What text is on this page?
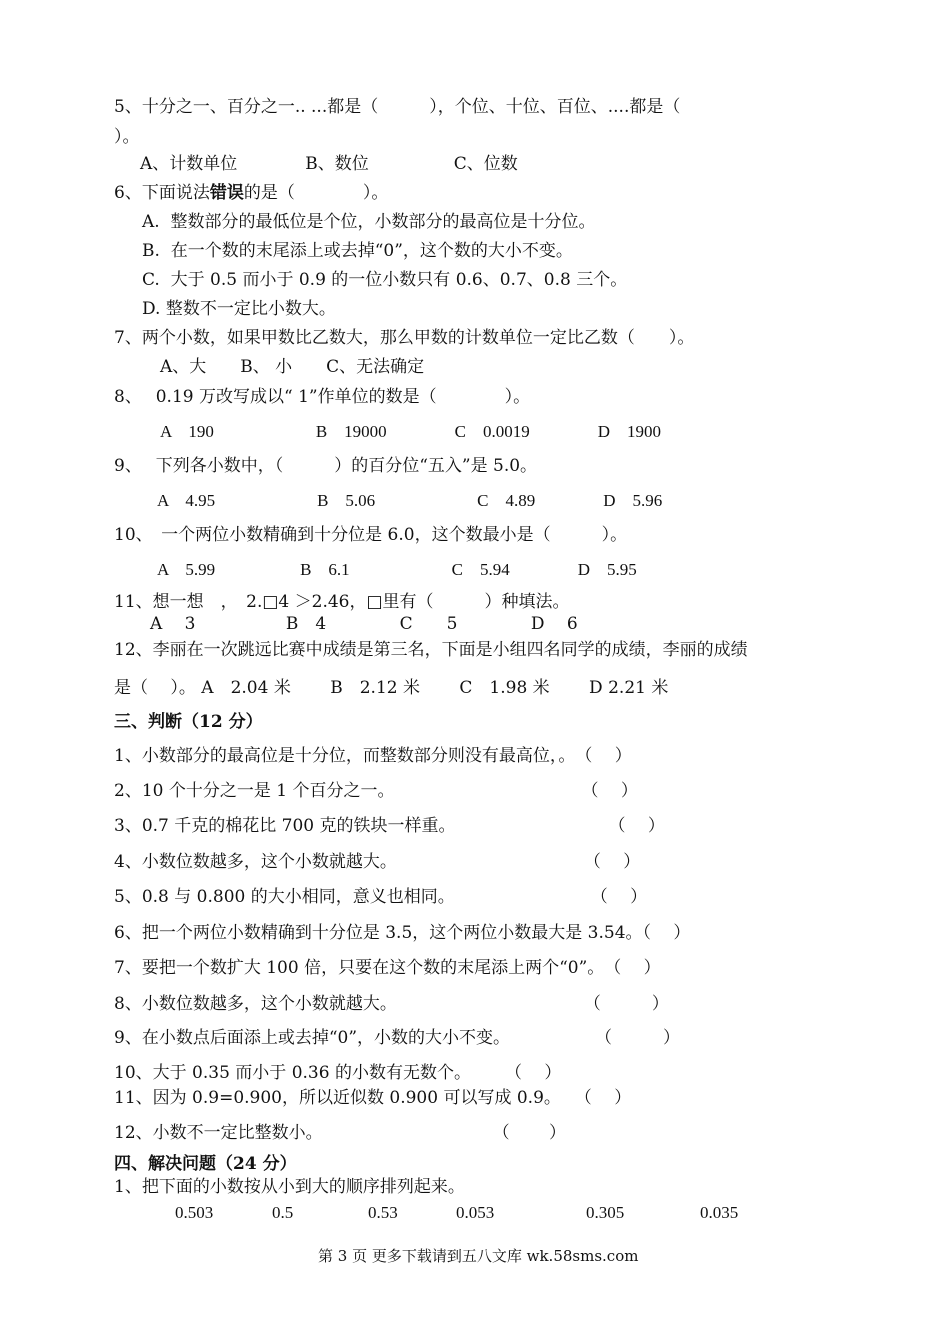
5、十分之一、百分之一.. ...都是（　　　），个位、十位、百位、....都是（
）。
A、计数单位　　　　B、数位　　　　　C、位数
6、下面说法错误的是（　　　　）。
A.  整数部分的最低位是个位，小数部分的最高位是十分位。
B.  在一个数的末尾添上或去掉“0”，这个数的大小不变。
C.  大于 0.5 而小于 0.9 的一位小数只有 0.6、0.7、0.8 三个。
D. 整数不一定比小数大。
7、两个小数，如果甲数比乙数大，那么甲数的计数单位一定比乙数（　　）。
A、大　　B、 小　　C、无法确定
8、　 0.19 万改写成以“ 1”作单位的数是（　　　　）。
A　190　　　　　　B　19000　　　　C　0.0019　　　　D　1900
9、　 下列各小数中，（　　　）的百分位“五入”是 5.0。
A　4.95　　　　　　B　5.06　　　　　　C　4.89　　　　D　5.96
10、　一个两位小数精确到十分位是 6.0，这个数最小是（　　　）。
A　5.99　　　　　B　6.1　　　　　　C　5.94　　　　D　5.95
11、想一想　，　2.□4 ＞2.46，□里有（　　　）种填法。
A　 3　　　　　 B　4　　　　 C　　5　　　　 D　 6
12、李丽在一次跳远比赛中成绩是第三名，下面是小组四名同学的成绩，李丽的成绩
是（　 ）。 A　2.04 米　　 B　2.12 米　　 C　1.98 米　　 D 2.21 米
三、判断（12 分）
1、小数部分的最高位是十分位，而整数部分则没有最高位，。　（　 ）
2、10 个十分之一是 1 个百分之一。　　　　　　　　　　　　（　 ）
3、0.7 千克的棉花比 700 克的铁块一样重。　　　　　　　　　　（　 ）
4、小数位数越多，这个小数就越大。　　　　　　　　　　　　（　 ）
5、0.8 与 0.800 的大小相同，意义也相同。　　　　　　　　　（　 ）
6、把一个两位小数精确到十分位是 3.5，这个两位小数最大是 3.54。（　 ）
7、要把一个数扩大 100 倍，只要在这个数的末尾添上两个“0”。　（　 ）
8、小数位数越多，这个小数就越大。　　　　　　　　　　　　（　　　）
9、在小数点后面添上或去掉“0”，小数的大小不变。　　　　　　（　　　）
10、大于 0.35 而小于 0.36 的小数有无数个。　　　（　 ）
11、因为 0.9=0.900，所以近似数 0.900 可以写成 0.9。　 （　 ）
12、小数不一定比整数小。　　　　　　　　　　　（　　 ）
四、解决问题（24 分）
1、把下面的小数按从小到大的顺序排列起来。
0.503	0.5	0.53	0.053	0.305	0.035
第 3 页 更多下载请到五八文库 wk.58sms.com
